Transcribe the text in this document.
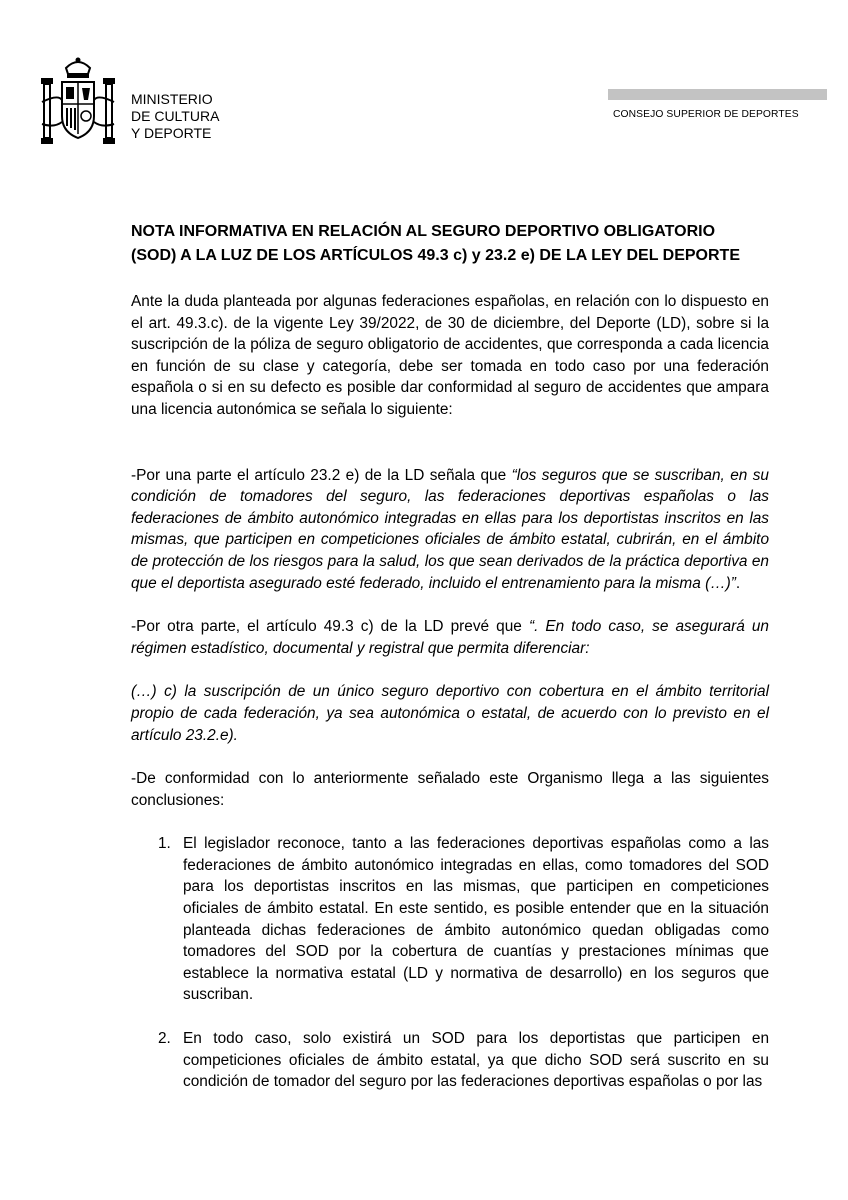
MINISTERIO
DE CULTURA
Y DEPORTE
CONSEJO SUPERIOR DE DEPORTES
NOTA INFORMATIVA EN RELACIÓN AL SEGURO DEPORTIVO OBLIGATORIO
(SOD) A LA LUZ DE LOS ARTÍCULOS 49.3 c) y 23.2 e) DE LA LEY DEL DEPORTE

Ante la duda planteada por algunas federaciones españolas, en relación con lo dispuesto en el art. 49.3.c). de la vigente Ley 39/2022, de 30 de diciembre, del Deporte (LD), sobre si la suscripción de la póliza de seguro obligatorio de accidentes, que corresponda a cada licencia en función de su clase y categoría, debe ser tomada en todo caso por una federación española o si en su defecto es posible dar conformidad al seguro de accidentes que ampara una licencia autonómica se señala lo siguiente:

-Por una parte el artículo 23.2 e) de la LD señala que “los seguros que se suscriban, en su condición de tomadores del seguro, las federaciones deportivas españolas o las federaciones de ámbito autonómico integradas en ellas para los deportistas inscritos en las mismas, que participen en competiciones oficiales de ámbito estatal, cubrirán, en el ámbito de protección de los riesgos para la salud, los que sean derivados de la práctica deportiva en que el deportista asegurado esté federado, incluido el entrenamiento para la misma (…)”.

-Por otra parte, el artículo 49.3 c) de la LD prevé que “. En todo caso, se asegurará un régimen estadístico, documental y registral que permita diferenciar:

(…) c) la suscripción de un único seguro deportivo con cobertura en el ámbito territorial propio de cada federación, ya sea autonómica o estatal, de acuerdo con lo previsto en el artículo 23.2.e).

-De conformidad con lo anteriormente señalado este Organismo llega a las siguientes conclusiones:

1. El legislador reconoce, tanto a las federaciones deportivas españolas como a las federaciones de ámbito autonómico integradas en ellas, como tomadores del SOD para los deportistas inscritos en las mismas, que participen en competiciones oficiales de ámbito estatal. En este sentido, es posible entender que en la situación planteada dichas federaciones de ámbito autonómico quedan obligadas como tomadores del SOD por la cobertura de cuantías y prestaciones mínimas que establece la normativa estatal (LD y normativa de desarrollo) en los seguros que suscriban.
2. En todo caso, solo existirá un SOD para los deportistas que participen en competiciones oficiales de ámbito estatal, ya que dicho SOD será suscrito en su condición de tomador del seguro por las federaciones deportivas españolas o por las
